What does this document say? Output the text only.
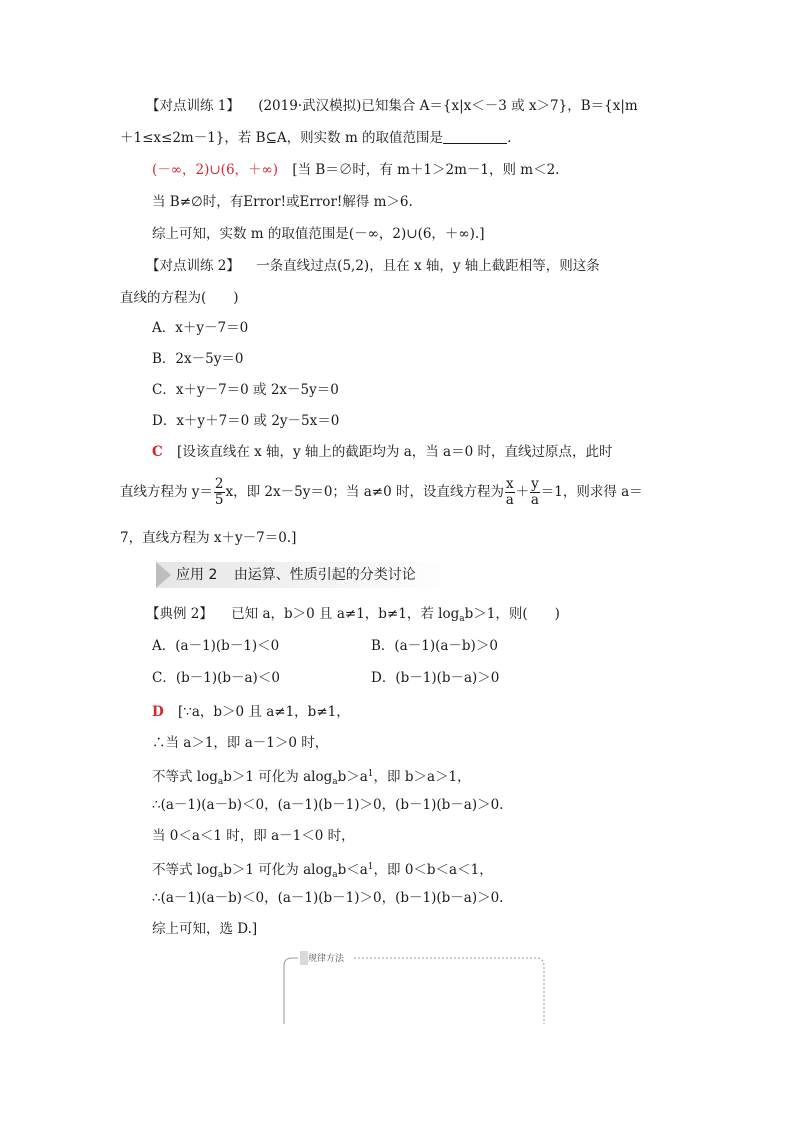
【对点训练 1】 (2019·武汉模拟)已知集合 A＝{x|x＜－3 或 x＞7}，B＝{x|m
＋1≤x≤2m－1}，若 B⊆A，则实数 m 的取值范围是	.
(－∞，2)∪(6，＋∞) [当 B＝∅时，有 m＋1＞2m－1，则 m＜2.
当 B≠∅时，有Error!或Error!解得 m＞6.
综上可知，实数 m 的取值范围是(－∞，2)∪(6，＋∞).]
【对点训练 2】 一条直线过点(5,2)，且在 x 轴，y 轴上截距相等，则这条
直线的方程为(　　)
A．x＋y－7＝0
B．2x－5y＝0
C．x＋y－7＝0 或 2x－5y＝0
D．x＋y＋7＝0 或 2y－5x＝0
C [设该直线在 x 轴，y 轴上的截距均为 a，当 a＝0 时，直线过原点，此时
直线方程为 $y= \frac{2}{5}$ x，即 2x－5y＝0；当 a≠0 时，设直线方程为 $\frac{x}{a} + \frac{y}{a} =1$，则求得 a＝
7，直线方程为 x＋y－7＝0.]
应用 2 由运算、性质引起的分类讨论
【典例 2】 已知 a，b＞0 且 a≠1，b≠1，若 $\log_ab>1$，则(　　)
A．(a－1)(b－1)＜0	B．(a－1)(a－b)＞0
C．(b－1)(b－a)＜0	D．(b－1)(b－a)＞0
D [∵a，b＞0 且 a≠1，b≠1，
∴当 a＞1，即 a－1＞0 时，
不等式 $\log_ab>1$ 可化为 $alog_ab>a^1$，即 b＞a＞1，
∴(a－1)(a－b)＜0，(a－1)(b－1)＞0，(b－1)(b－a)＞0.
当 0＜a＜1 时，即 a－1＜0 时，
不等式 $\log_ab>1$ 可化为 $alog_ab<a^1$，即 0＜b＜a＜1，
∴(a－1)(a－b)＜0，(a－1)(b－1)＞0，(b－1)(b－a)＞0.
综上可知，选 D.]
规律方法
